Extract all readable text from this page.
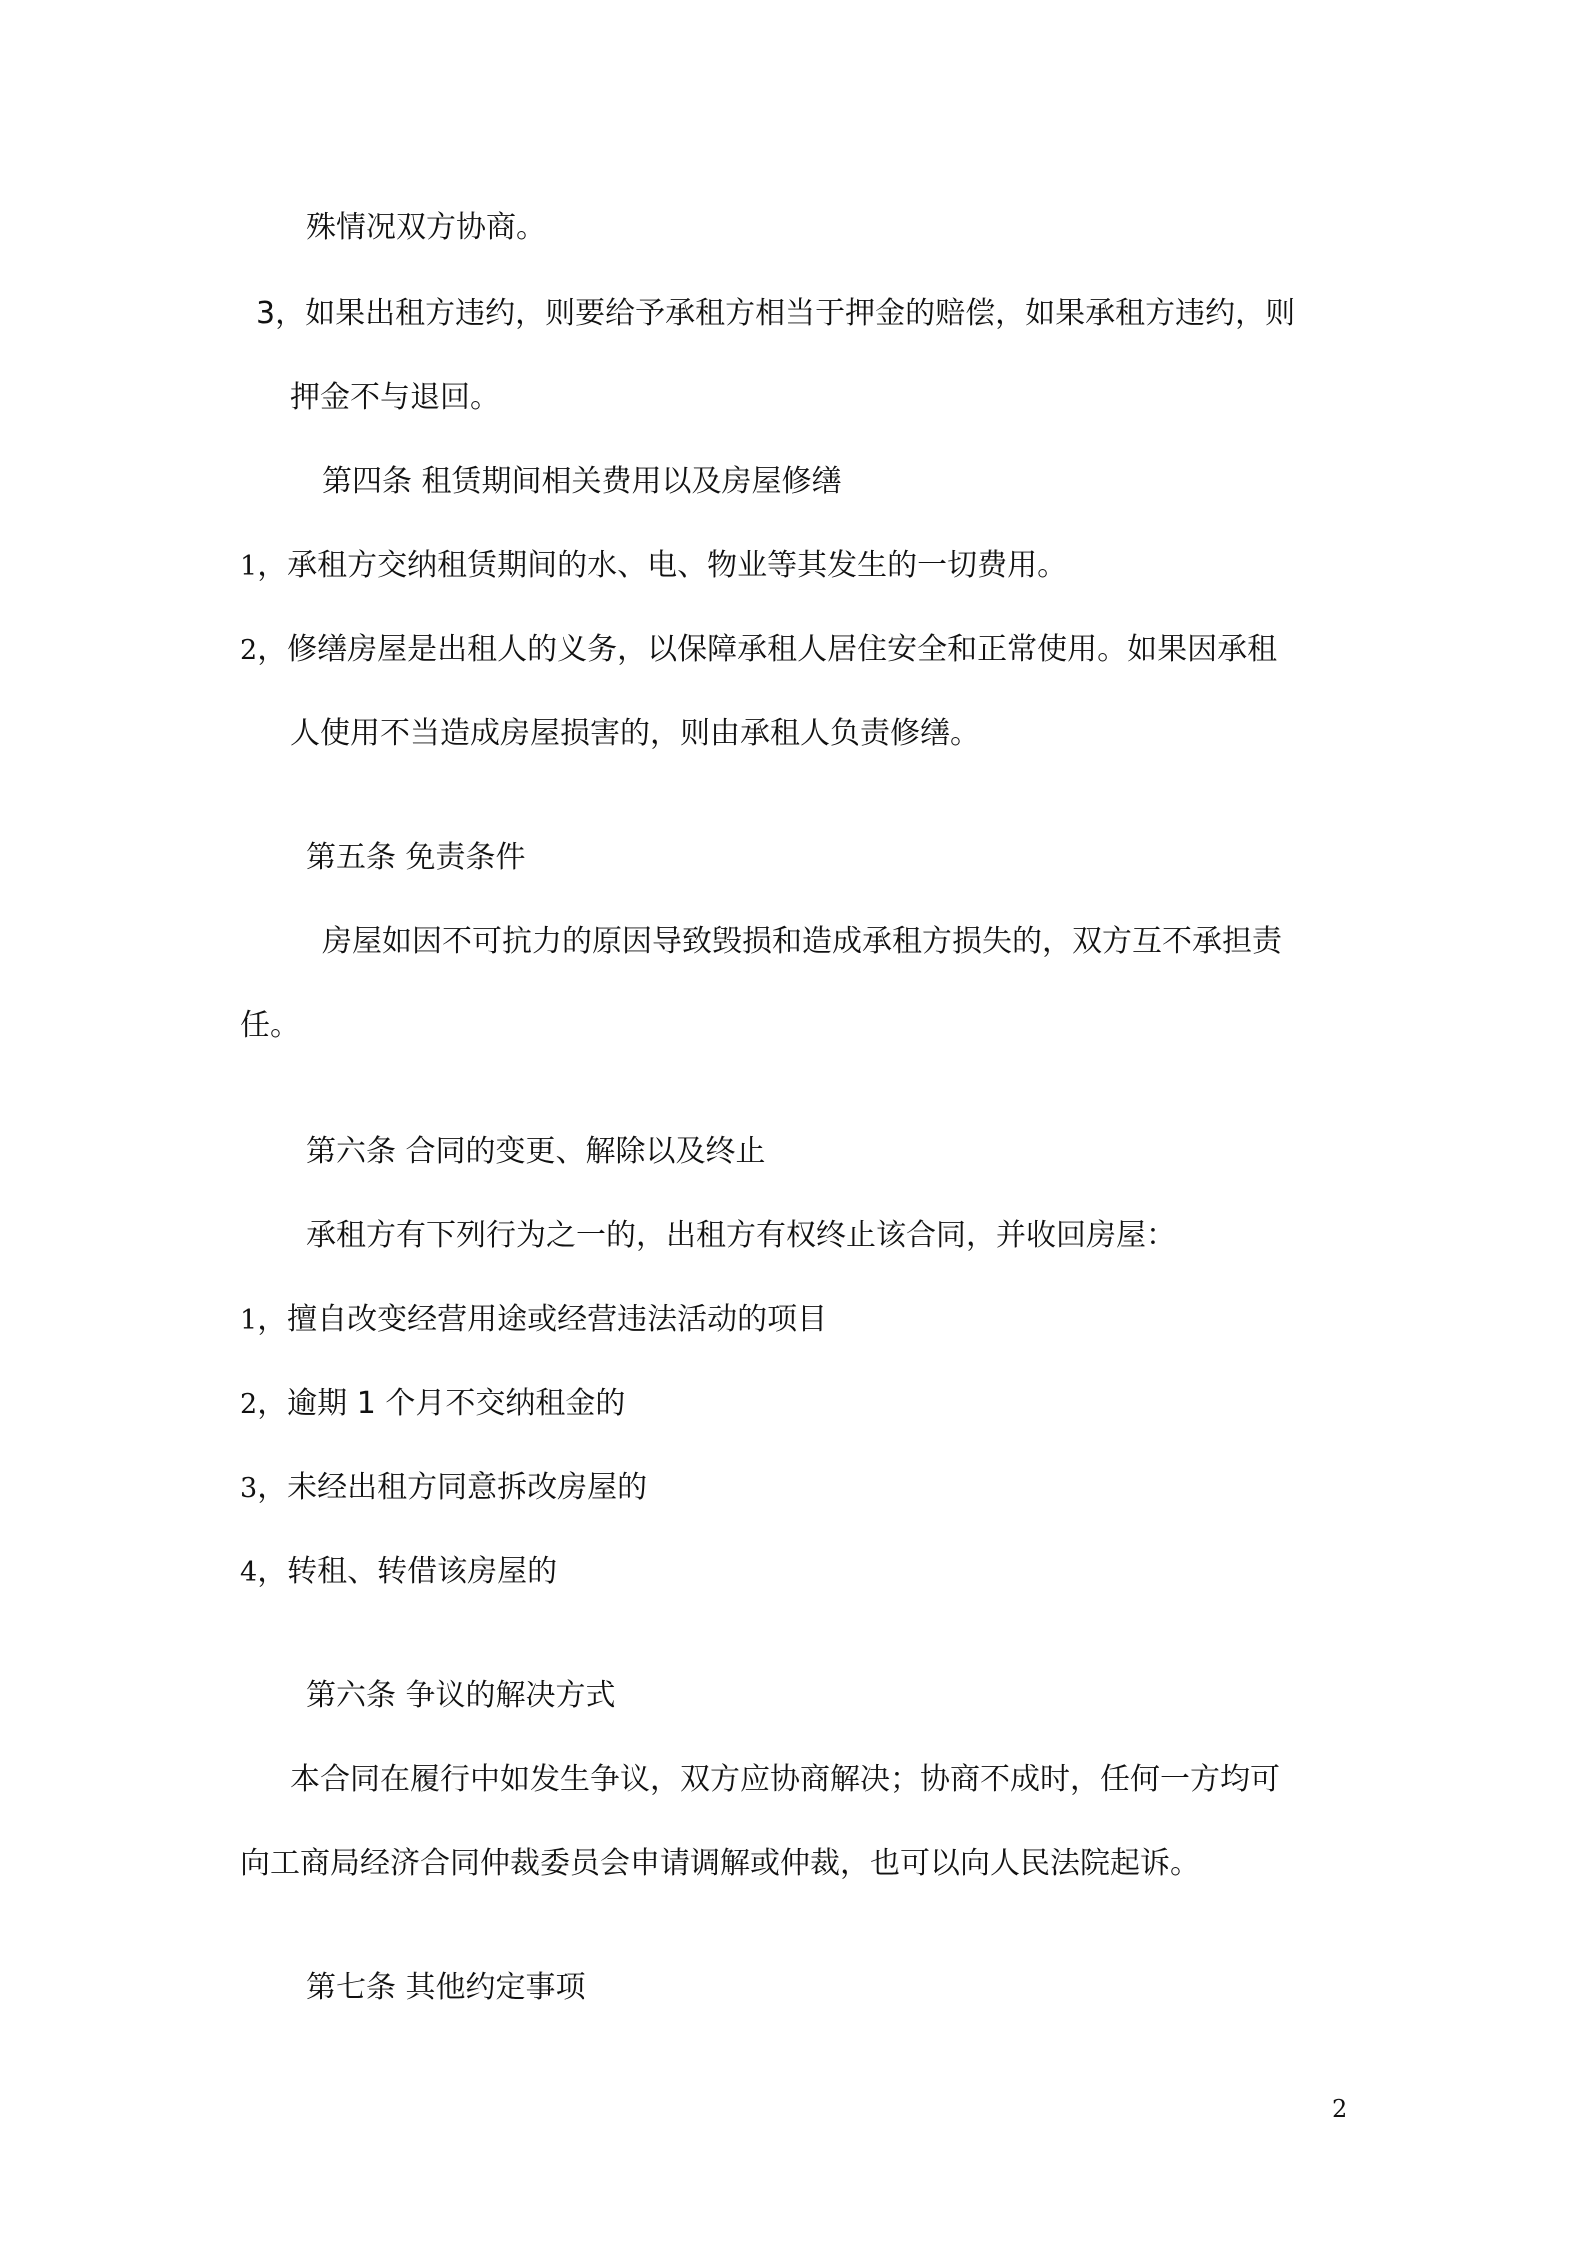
殊情况双方协商。
3，如果出租方违约，则要给予承租方相当于押金的赔偿，如果承租方违约，则
押金不与退回。
第四条 租赁期间相关费用以及房屋修缮
1，承租方交纳租赁期间的水、电、物业等其发生的一切费用。
2，修缮房屋是出租人的义务，以保障承租人居住安全和正常使用。如果因承租
人使用不当造成房屋损害的，则由承租人负责修缮。
第五条 免责条件
房屋如因不可抗力的原因导致毁损和造成承租方损失的，双方互不承担责
任。
第六条 合同的变更、解除以及终止
承租方有下列行为之一的，出租方有权终止该合同，并收回房屋：
1，擅自改变经营用途或经营违法活动的项目
2，逾期 1 个月不交纳租金的
3，未经出租方同意拆改房屋的
4，转租、转借该房屋的
第六条 争议的解决方式
本合同在履行中如发生争议，双方应协商解决；协商不成时，任何一方均可
向工商局经济合同仲裁委员会申请调解或仲裁，也可以向人民法院起诉。
第七条 其他约定事项
2
